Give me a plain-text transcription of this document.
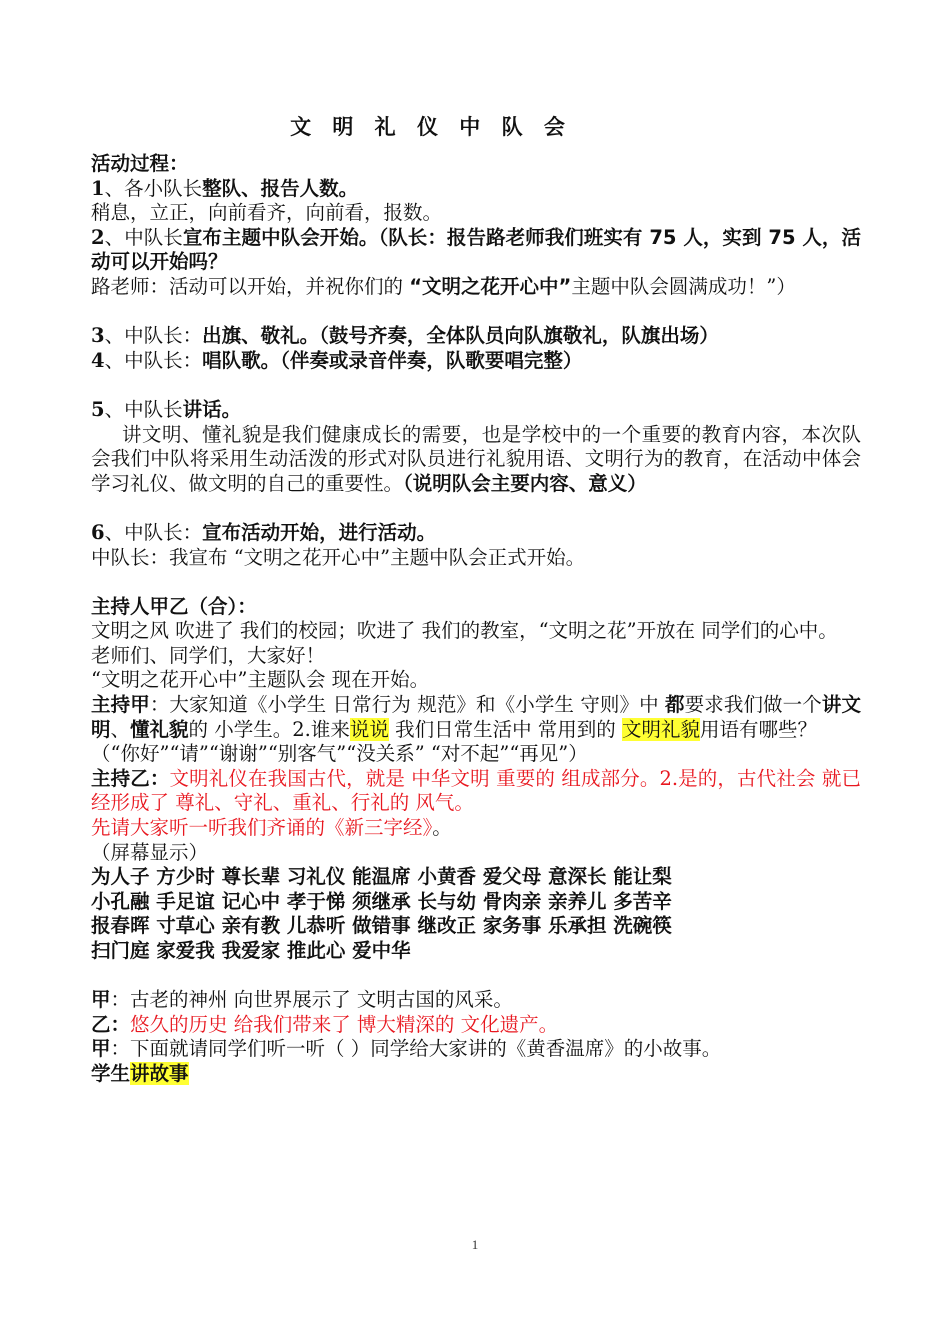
文 明 礼 仪 中 队 会

活动过程：

1、各小队长整队、报告人数。

稍息，立正，向前看齐，向前看，报数。

2、中队长宣布主题中队会开始。（队长：报告路老师我们班实有 75 人，实到 75 人，活动可以开始吗？

路老师：活动可以开始，并祝你们的 “文明之花开心中”主题中队会圆满成功！”）

3、中队长：出旗、敬礼。（鼓号齐奏，全体队员向队旗敬礼，队旗出场）

4、中队长：唱队歌。（伴奏或录音伴奏，队歌要唱完整）

5、中队长讲话。

讲文明、懂礼貌是我们健康成长的需要，也是学校中的一个重要的教育内容，本次队会我们中队将采用生动活泼的形式对队员进行礼貌用语、文明行为的教育，在活动中体会学习礼仪、做文明的自己的重要性。（说明队会主要内容、意义）

6、中队长：宣布活动开始，进行活动。

中队长：我宣布 “文明之花开心中”主题中队会正式开始。

主持人甲乙（合）：

文明之风 吹进了 我们的校园；吹进了 我们的教室，“文明之花”开放在 同学们的心中。

老师们、同学们，大家好！

“文明之花开心中”主题队会 现在开始。

主持甲：大家知道《小学生 日常行为 规范》和《小学生 守则》中 都要求我们做一个讲文明、懂礼貌的 小学生。2.谁来说说 我们日常生活中 常用到的 文明礼貌用语有哪些？

（“你好”“请”“谢谢”“别客气”“没关系” “对不起”“再见”）

主持乙：文明礼仪在我国古代，就是 中华文明 重要的 组成部分。2.是的，古代社会 就已经形成了 尊礼、守礼、重礼、行礼的 风气。

先请大家听一听我们齐诵的《新三字经》。

（屏幕显示）

为人子 方少时 尊长辈 习礼仪 能温席 小黄香 爱父母 意深长 能让梨

小孔融 手足谊 记心中 孝于悌 须继承 长与幼 骨肉亲 亲养儿 多苦辛

报春晖 寸草心 亲有教 儿恭听 做错事 继改正 家务事 乐承担 洗碗筷

扫门庭 家爱我 我爱家 推此心 爱中华

甲：古老的神州 向世界展示了 文明古国的风采。

乙：悠久的历史 给我们带来了 博大精深的 文化遗产。

甲：下面就请同学们听一听（ ）同学给大家讲的《黄香温席》的小故事。

学生讲故事

1
